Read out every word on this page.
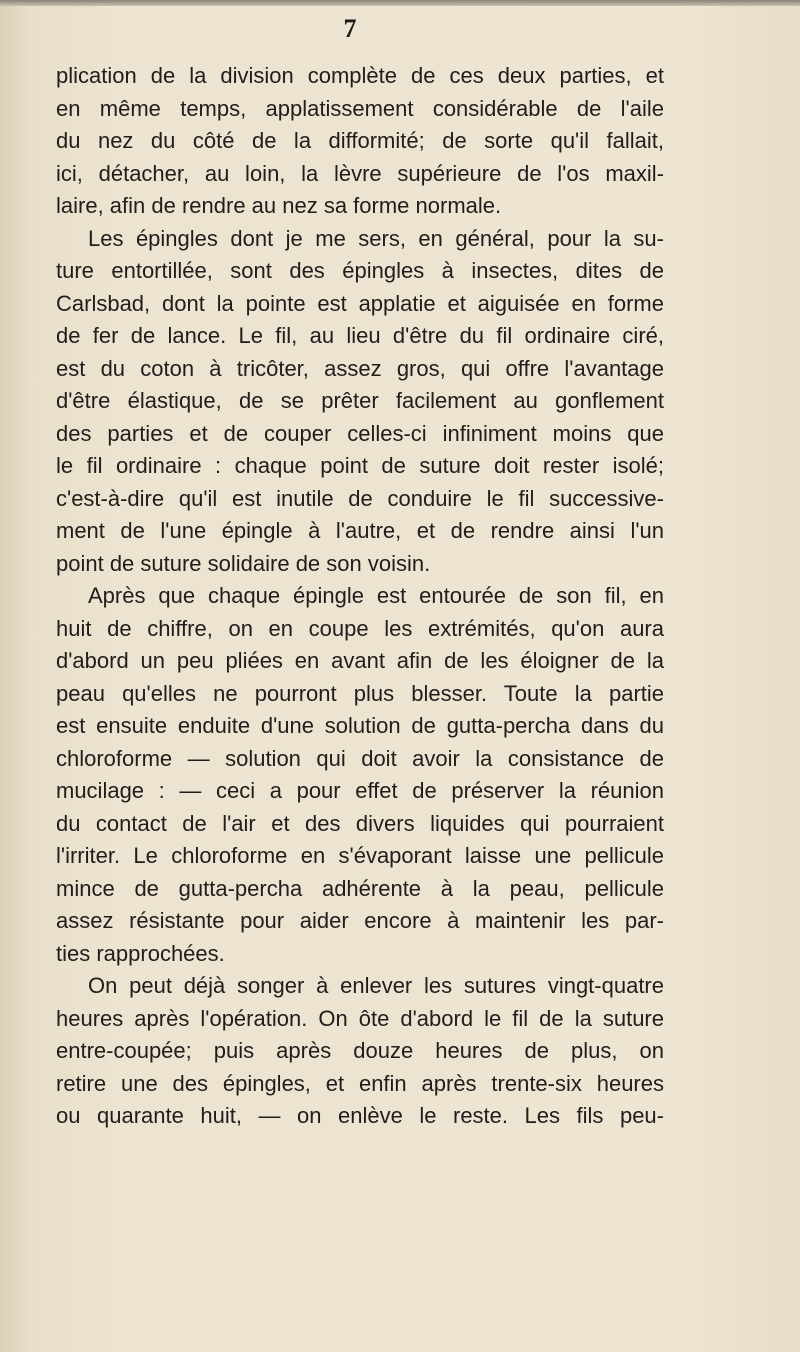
7
plication de la division complète de ces deux parties, et
en même temps, applatissement considérable de l'aile
du nez du côté de la difformité; de sorte qu'il fallait,
ici, détacher, au loin, la lèvre supérieure de l'os maxil-
laire, afin de rendre au nez sa forme normale.
Les épingles dont je me sers, en général, pour la su-
ture entortillée, sont des épingles à insectes, dites de
Carlsbad, dont la pointe est applatie et aiguisée en forme
de fer de lance. Le fil, au lieu d'être du fil ordinaire ciré,
est du coton à tricôter, assez gros, qui offre l'avantage
d'être élastique, de se prêter facilement au gonflement
des parties et de couper celles-ci infiniment moins que
le fil ordinaire : chaque point de suture doit rester isolé;
c'est-à-dire qu'il est inutile de conduire le fil successive-
ment de l'une épingle à l'autre, et de rendre ainsi l'un
point de suture solidaire de son voisin.
Après que chaque épingle est entourée de son fil, en
huit de chiffre, on en coupe les extrémités, qu'on aura
d'abord un peu pliées en avant afin de les éloigner de la
peau qu'elles ne pourront plus blesser. Toute la partie
est ensuite enduite d'une solution de gutta-percha dans du
chloroforme — solution qui doit avoir la consistance de
mucilage : — ceci a pour effet de préserver la réunion
du contact de l'air et des divers liquides qui pourraient
l'irriter. Le chloroforme en s'évaporant laisse une pellicule
mince de gutta-percha adhérente à la peau, pellicule
assez résistante pour aider encore à maintenir les par-
ties rapprochées.
On peut déjà songer à enlever les sutures vingt-quatre
heures après l'opération. On ôte d'abord le fil de la suture
entre-coupée; puis après douze heures de plus, on
retire une des épingles, et enfin après trente-six heures
ou quarante huit, — on enlève le reste. Les fils peu-
